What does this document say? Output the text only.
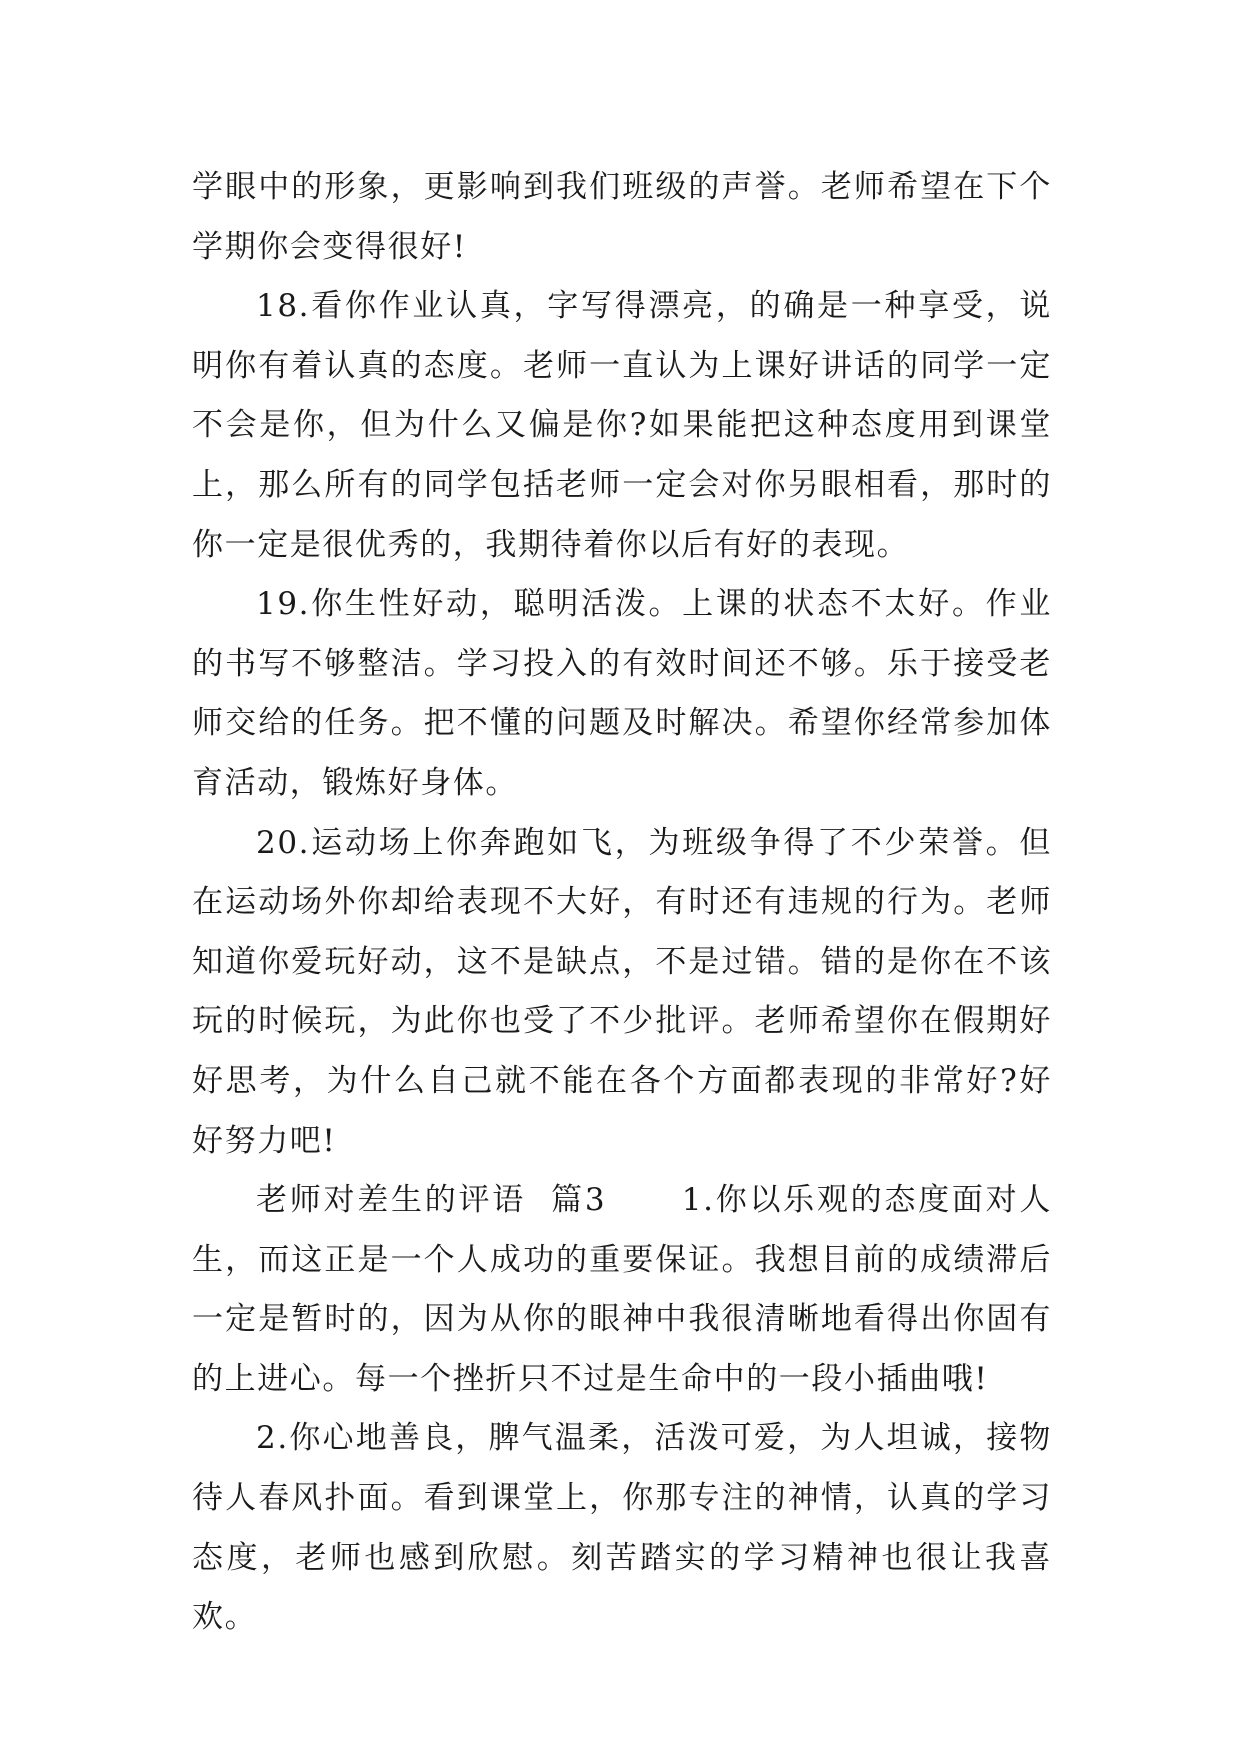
学眼中的形象，更影响到我们班级的声誉。老师希望在下个学期你会变得很好!

18.看你作业认真，字写得漂亮，的确是一种享受，说明你有着认真的态度。老师一直认为上课好讲话的同学一定不会是你，但为什么又偏是你?如果能把这种态度用到课堂上，那么所有的同学包括老师一定会对你另眼相看，那时的你一定是很优秀的，我期待着你以后有好的表现。

19.你生性好动，聪明活泼。上课的状态不太好。作业的书写不够整洁。学习投入的有效时间还不够。乐于接受老师交给的任务。把不懂的问题及时解决。希望你经常参加体育活动，锻炼好身体。

20.运动场上你奔跑如飞，为班级争得了不少荣誉。但在运动场外你却给表现不大好，有时还有违规的行为。老师知道你爱玩好动，这不是缺点，不是过错。错的是你在不该玩的时候玩，为此你也受了不少批评。老师希望你在假期好好思考，为什么自己就不能在各个方面都表现的非常好?好好努力吧!

老师对差生的评语  篇3 1.你以乐观的态度面对人生，而这正是一个人成功的重要保证。我想目前的成绩滞后一定是暂时的，因为从你的眼神中我很清晰地看得出你固有的上进心。每一个挫折只不过是生命中的一段小插曲哦!

2.你心地善良，脾气温柔，活泼可爱，为人坦诚，接物待人春风扑面。看到课堂上，你那专注的神情，认真的学习态度，老师也感到欣慰。刻苦踏实的学习精神也很让我喜欢。
